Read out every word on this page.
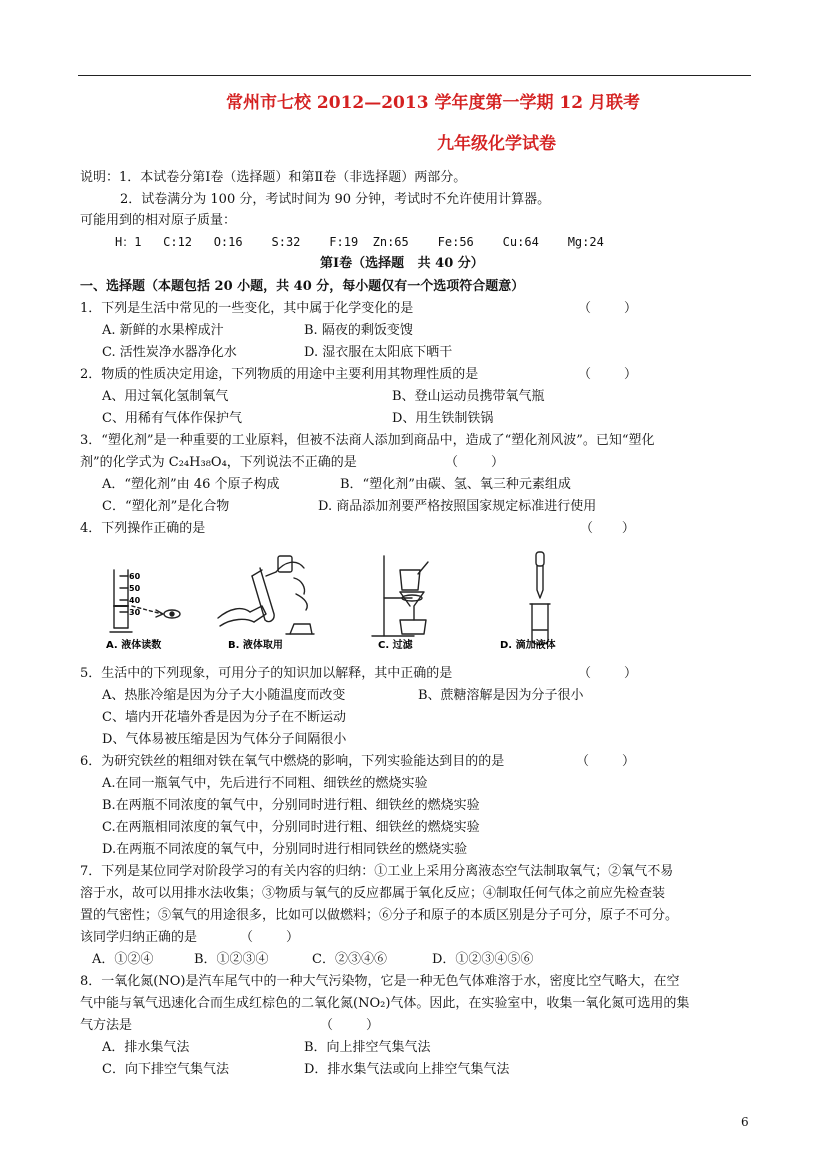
常州市七校 2012—2013 学年度第一学期 12 月联考
九年级化学试卷
说明：1．本试卷分第Ⅰ卷（选择题）和第Ⅱ卷（非选择题）两部分。
2．试卷满分为 100 分，考试时间为 90 分钟，考试时不允许使用计算器。
可能用到的相对原子质量：
H：1   C:12   O:16    S:32    F:19  Zn:65    Fe:56    Cu:64    Mg:24
第Ⅰ卷（选择题   共 40 分）
一、选择题（本题包括 20 小题，共 40 分，每小题仅有一个选项符合题意）
1．下列是生活中常见的一些变化，其中属于化学变化的是	（        ）
A. 新鲜的水果榨成汁	B. 隔夜的剩饭变馊
C. 活性炭净水器净化水	D. 湿衣服在太阳底下晒干
2．物质的性质决定用途，下列物质的用途中主要利用其物理性质的是	（        ）
A、用过氧化氢制氧气	B、登山运动员携带氧气瓶
C、用稀有气体作保护气	D、用生铁制铁锅
3．“塑化剂”是一种重要的工业原料，但被不法商人添加到商品中，造成了“塑化剂风波”。已知“塑化
剂”的化学式为 C₂₄H₃₈O₄，下列说法不正确的是	（        ）
A．“塑化剂”由 46 个原子构成	B．“塑化剂”由碳、氢、氧三种元素组成
C．“塑化剂”是化合物	D. 商品添加剂要严格按照国家规定标准进行使用
4．下列操作正确的是	（       ）
A. 液体读数	B. 液体取用	C. 过滤	D. 滴加液体
60
50
40
30
5．生活中的下列现象，可用分子的知识加以解释，其中正确的是	（        ）
A、热胀冷缩是因为分子大小随温度而改变	B、蔗糖溶解是因为分子很小
C、墙内开花墙外香是因为分子在不断运动
D、气体易被压缩是因为气体分子间隔很小
6．为研究铁丝的粗细对铁在氧气中燃烧的影响，下列实验能达到目的的是	（        ）
A.在同一瓶氧气中，先后进行不同粗、细铁丝的燃烧实验
B.在两瓶不同浓度的氧气中，分别同时进行粗、细铁丝的燃烧实验
C.在两瓶相同浓度的氧气中，分别同时进行粗、细铁丝的燃烧实验
D.在两瓶不同浓度的氧气中，分别同时进行相同铁丝的燃烧实验
7．下列是某位同学对阶段学习的有关内容的归纳：①工业上采用分离液态空气法制取氧气；②氧气不易
溶于水，故可以用排水法收集；③物质与氧气的反应都属于氧化反应；④制取任何气体之前应先检查装
置的气密性；⑤氧气的用途很多，比如可以做燃料；⑥分子和原子的本质区别是分子可分，原子不可分。
该同学归纳正确的是	（        ）
A．①②④	B．①②③④	C．②③④⑥	D．①②③④⑤⑥
8．一氧化氮(NO)是汽车尾气中的一种大气污染物，它是一种无色气体难溶于水，密度比空气略大，在空
气中能与氧气迅速化合而生成红棕色的二氧化氮(NO₂)气体。因此，在实验室中，收集一氧化氮可选用的集
气方法是	（        ）
A．排水集气法	B．向上排空气集气法
C．向下排空气集气法	D．排水集气法或向上排空气集气法
6
